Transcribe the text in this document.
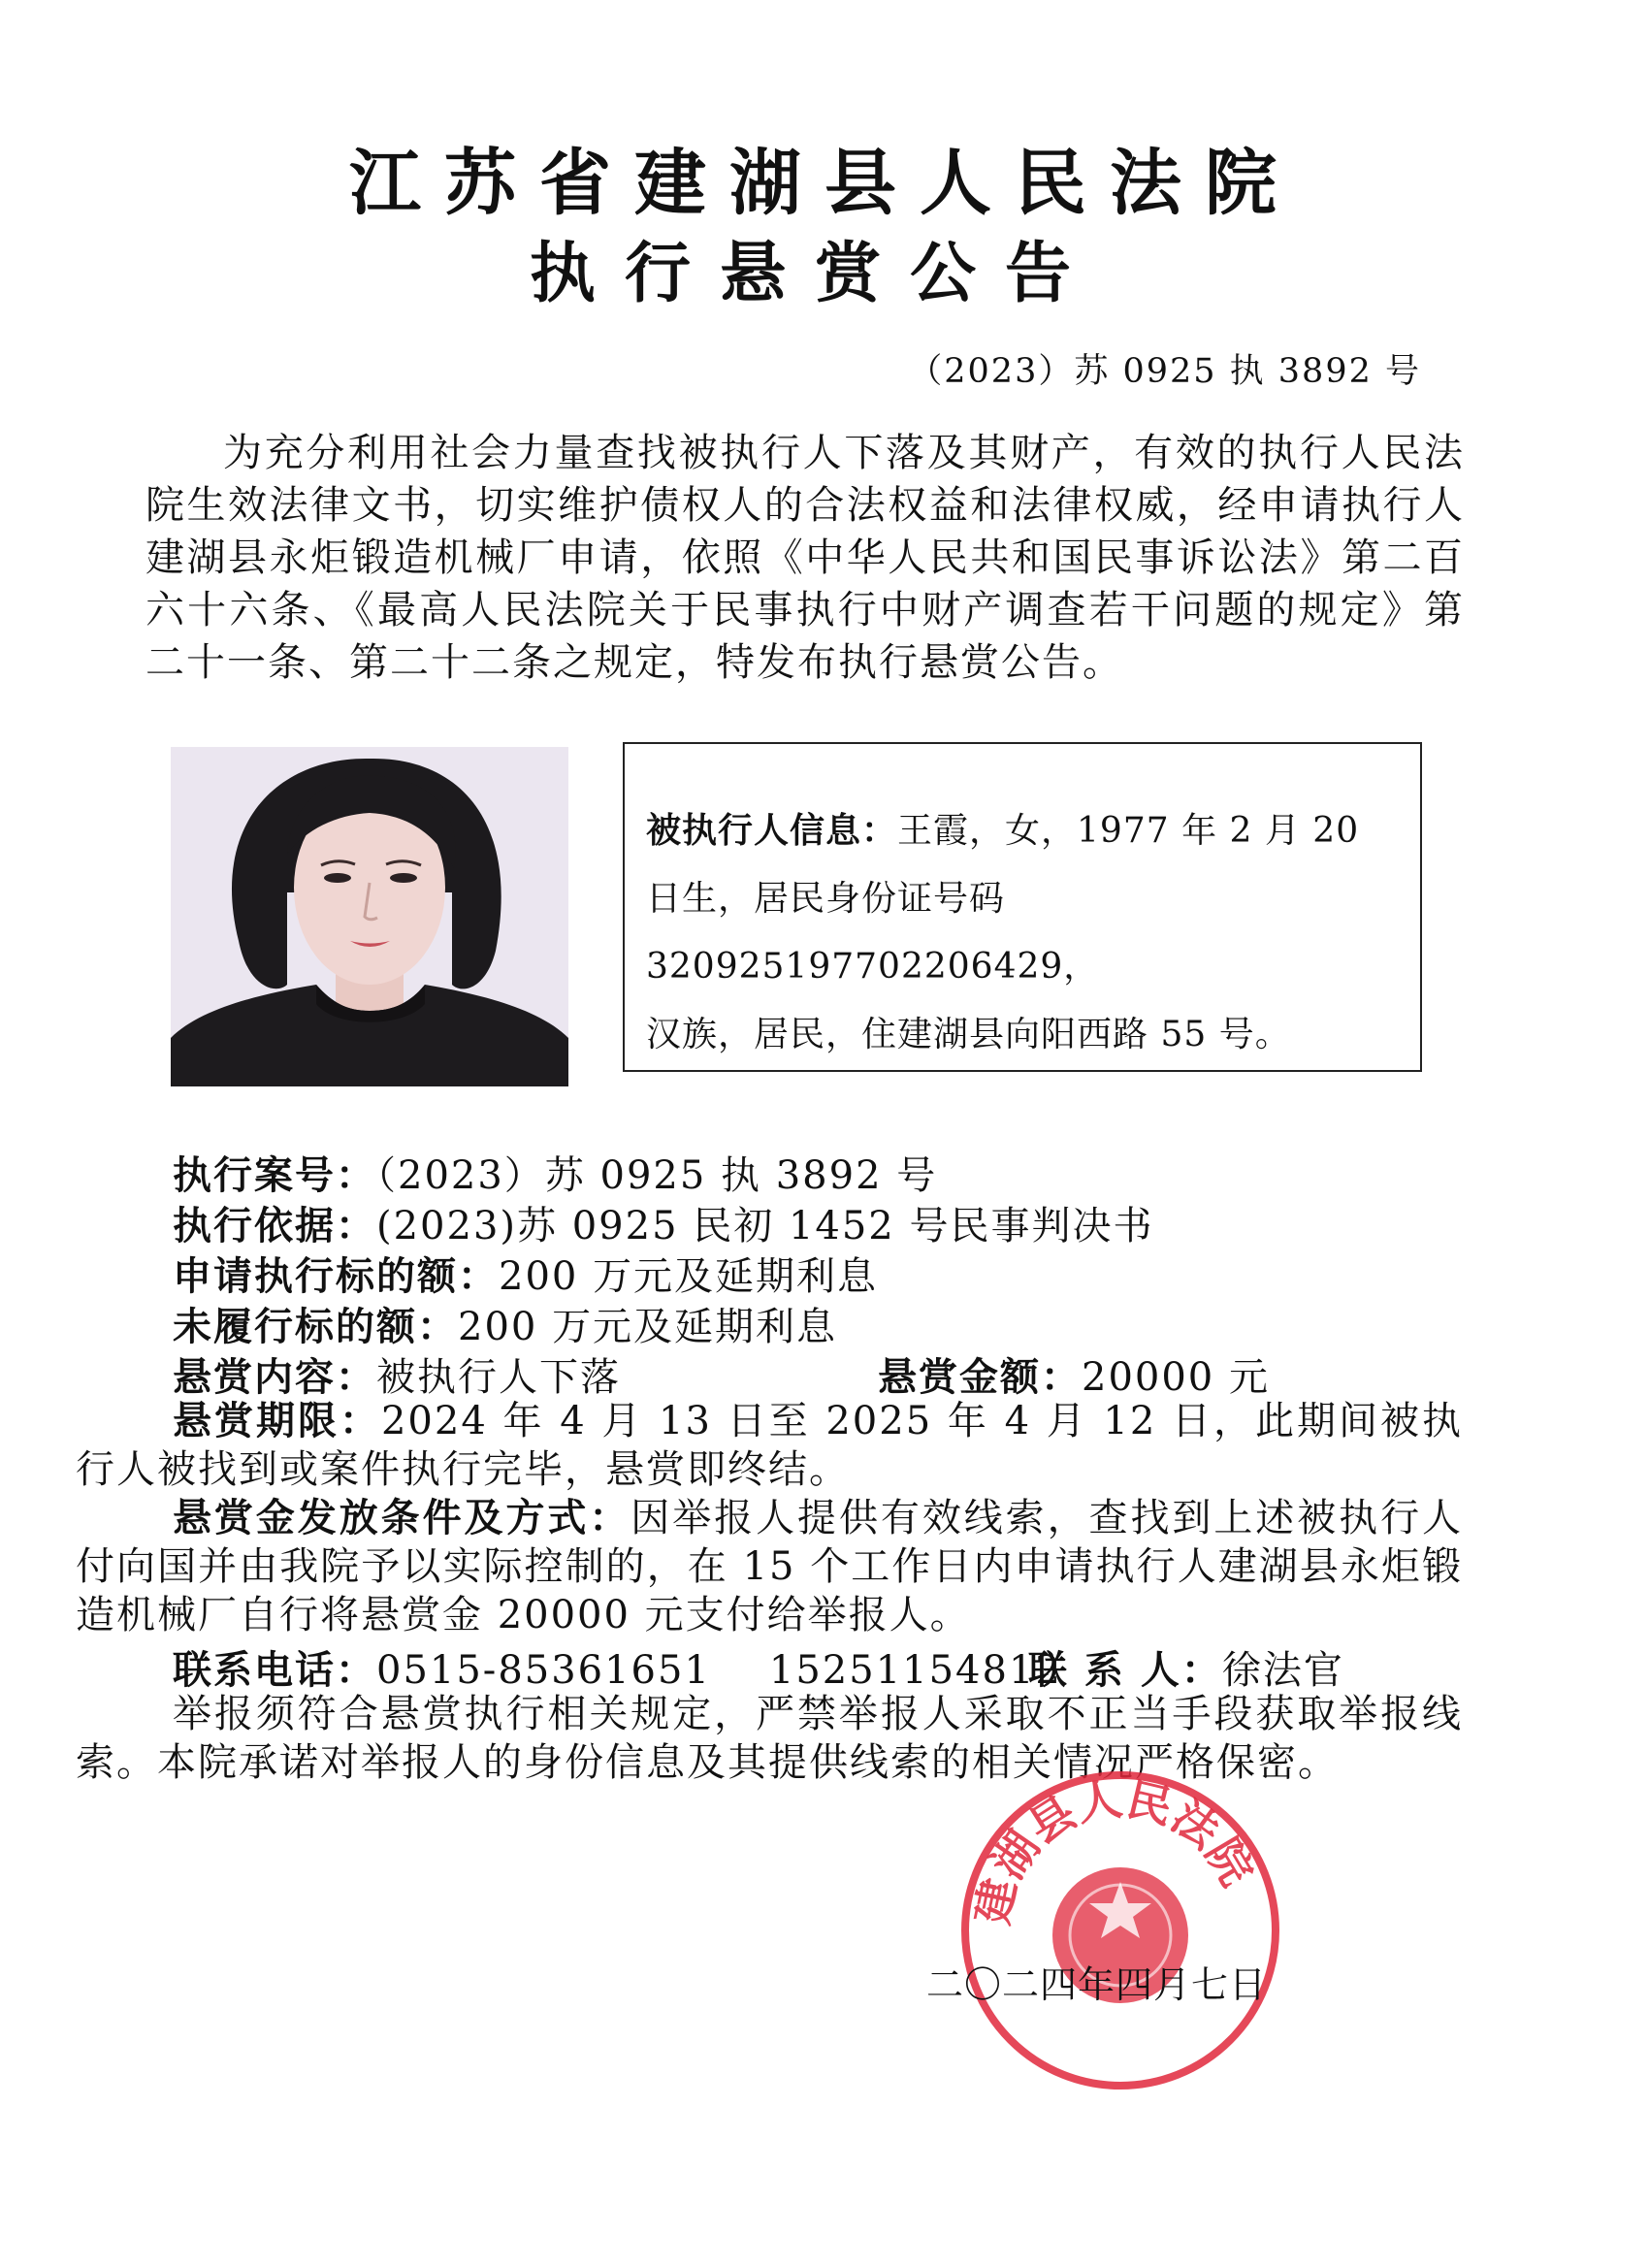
江苏省建湖县人民法院
执行悬赏公告
（2023）苏 0925 执 3892 号
为充分利用社会力量查找被执行人下落及其财产，有效的执行人民法院生效法律文书，切实维护债权人的合法权益和法律权威，经申请执行人建湖县永炬锻造机械厂申请，依照《中华人民共和国民事诉讼法》第二百六十六条、《最高人民法院关于民事执行中财产调查若干问题的规定》第二十一条、第二十二条之规定，特发布执行悬赏公告。
被执行人信息：王霞，女，1977 年 2 月 20
日生，居民身份证号码 320925197702206429，
汉族，居民，住建湖县向阳西路 55 号。
执行案号：（2023）苏 0925 执 3892 号
执行依据：(2023)苏 0925 民初 1452 号民事判决书
申请执行标的额：200 万元及延期利息
未履行标的额：200 万元及延期利息
悬赏内容：被执行人下落	悬赏金额：20000 元
悬赏期限：2024 年 4 月 13 日至 2025 年 4 月 12 日，此期间被执行人被找到或案件执行完毕，悬赏即终结。
悬赏金发放条件及方式：因举报人提供有效线索，查找到上述被执行人付向国并由我院予以实际控制的，在 15 个工作日内申请执行人建湖县永炬锻造机械厂自行将悬赏金 20000 元支付给举报人。
联系电话：0515-85361651 15251154812
联 系 人：徐法官
举报须符合悬赏执行相关规定，严禁举报人采取不正当手段获取举报线索。本院承诺对举报人的身份信息及其提供线索的相关情况严格保密。
建湖县人民法院
二〇二四年四月七日
